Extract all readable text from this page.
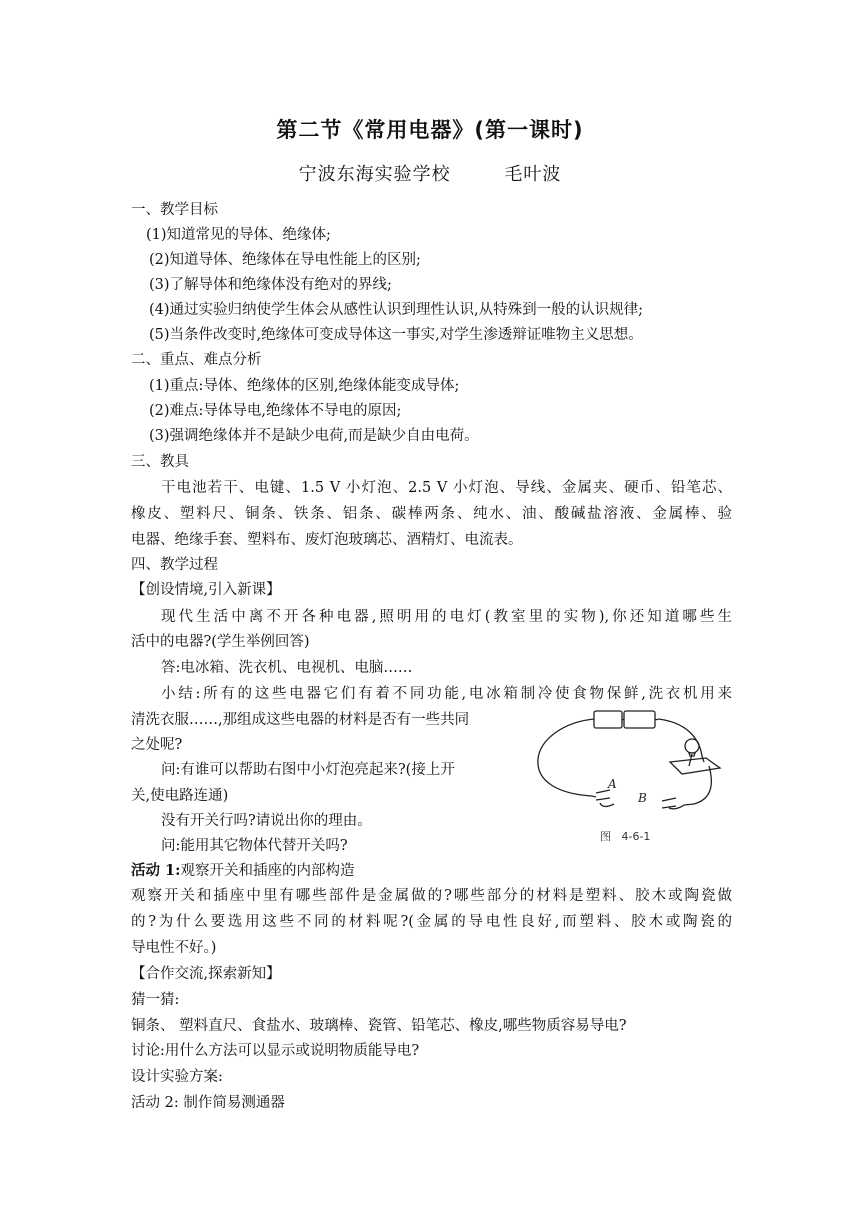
第二节《常用电器》(第一课时)
宁波东海实验学校        毛叶波
一、教学目标
(1)知道常见的导体、绝缘体;
(2)知道导体、绝缘体在导电性能上的区别;
(3)了解导体和绝缘体没有绝对的界线;
(4)通过实验归纳使学生体会从感性认识到理性认识,从特殊到一般的认识规律;
(5)当条件改变时,绝缘体可变成导体这一事实,对学生渗透辩证唯物主义思想。
二、重点、难点分析
(1)重点:导体、绝缘体的区别,绝缘体能变成导体;
(2)难点:导体导电,绝缘体不导电的原因;
(3)强调绝缘体并不是缺少电荷,而是缺少自由电荷。
三、教具
干电池若干、电键、1.5 V 小灯泡、2.5 V 小灯泡、导线、金属夹、硬币、铅笔芯、
橡皮、塑料尺、铜条、铁条、铝条、碳棒两条、纯水、油、酸碱盐溶液、金属棒、验
电器、绝缘手套、塑料布、废灯泡玻璃芯、酒精灯、电流表。
四、教学过程
【创设情境,引入新课】
现代生活中离不开各种电器,照明用的电灯(教室里的实物),你还知道哪些生
活中的电器?(学生举例回答)
答:电冰箱、洗衣机、电视机、电脑……
小结:所有的这些电器它们有着不同功能,电冰箱制冷使食物保鲜,洗衣机用来
清洗衣服……,那组成这些电器的材料是否有一些共同
之处呢?
问:有谁可以帮助右图中小灯泡亮起来?(接上开
关,使电路连通)
没有开关行吗?请说出你的理由。
问:能用其它物体代替开关吗?
活动 1:观察开关和插座的内部构造
观察开关和插座中里有哪些部件是金属做的?哪些部分的材料是塑料、胶木或陶瓷做
的?为什么要选用这些不同的材料呢?(金属的导电性良好,而塑料、胶木或陶瓷的
导电性不好。)
【合作交流,探索新知】
猜一猜:
铜条、 塑料直尺、食盐水、玻璃棒、瓷管、铅笔芯、橡皮,哪些物质容易导电?
讨论:用什么方法可以显示或说明物质能导电?
设计实验方案:
活动 2: 制作简易测通器
A
B
图   4-6-1
